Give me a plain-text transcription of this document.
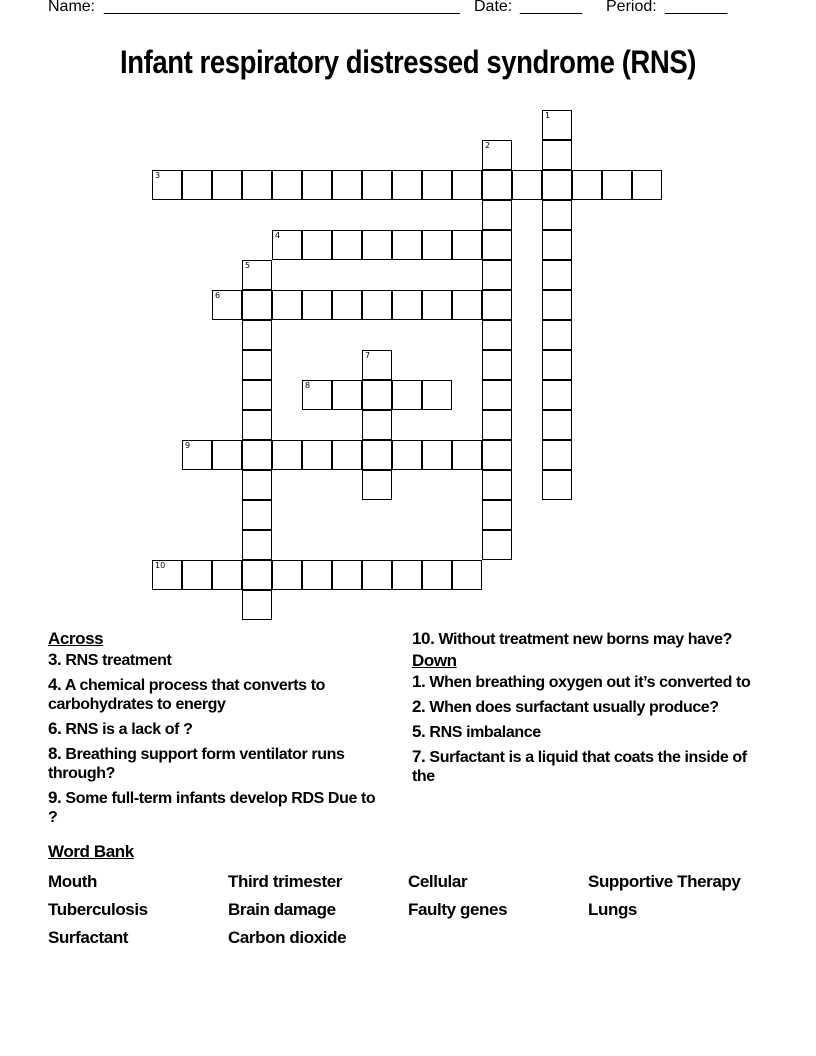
Name: ________________________________________ Date: _______ Period: _______
Infant respiratory distressed syndrome (RNS)
1
2
3
4
5
6
7
8
9
10
Across
3. RNS treatment
4. A chemical process that converts to carbohydrates to energy
6. RNS is a lack of ?
8. Breathing support form ventilator runs through?
9. Some full-term infants develop RDS Due to ?
10. Without treatment new borns may have?
Down
1. When breathing oxygen out it’s converted to
2. When does surfactant usually produce?
5. RNS imbalance
7. Surfactant is a liquid that coats the inside of the
Word Bank
Mouth	Third trimester	Cellular	Supportive Therapy
Tuberculosis	Brain damage	Faulty genes	Lungs
Surfactant	Carbon dioxide
